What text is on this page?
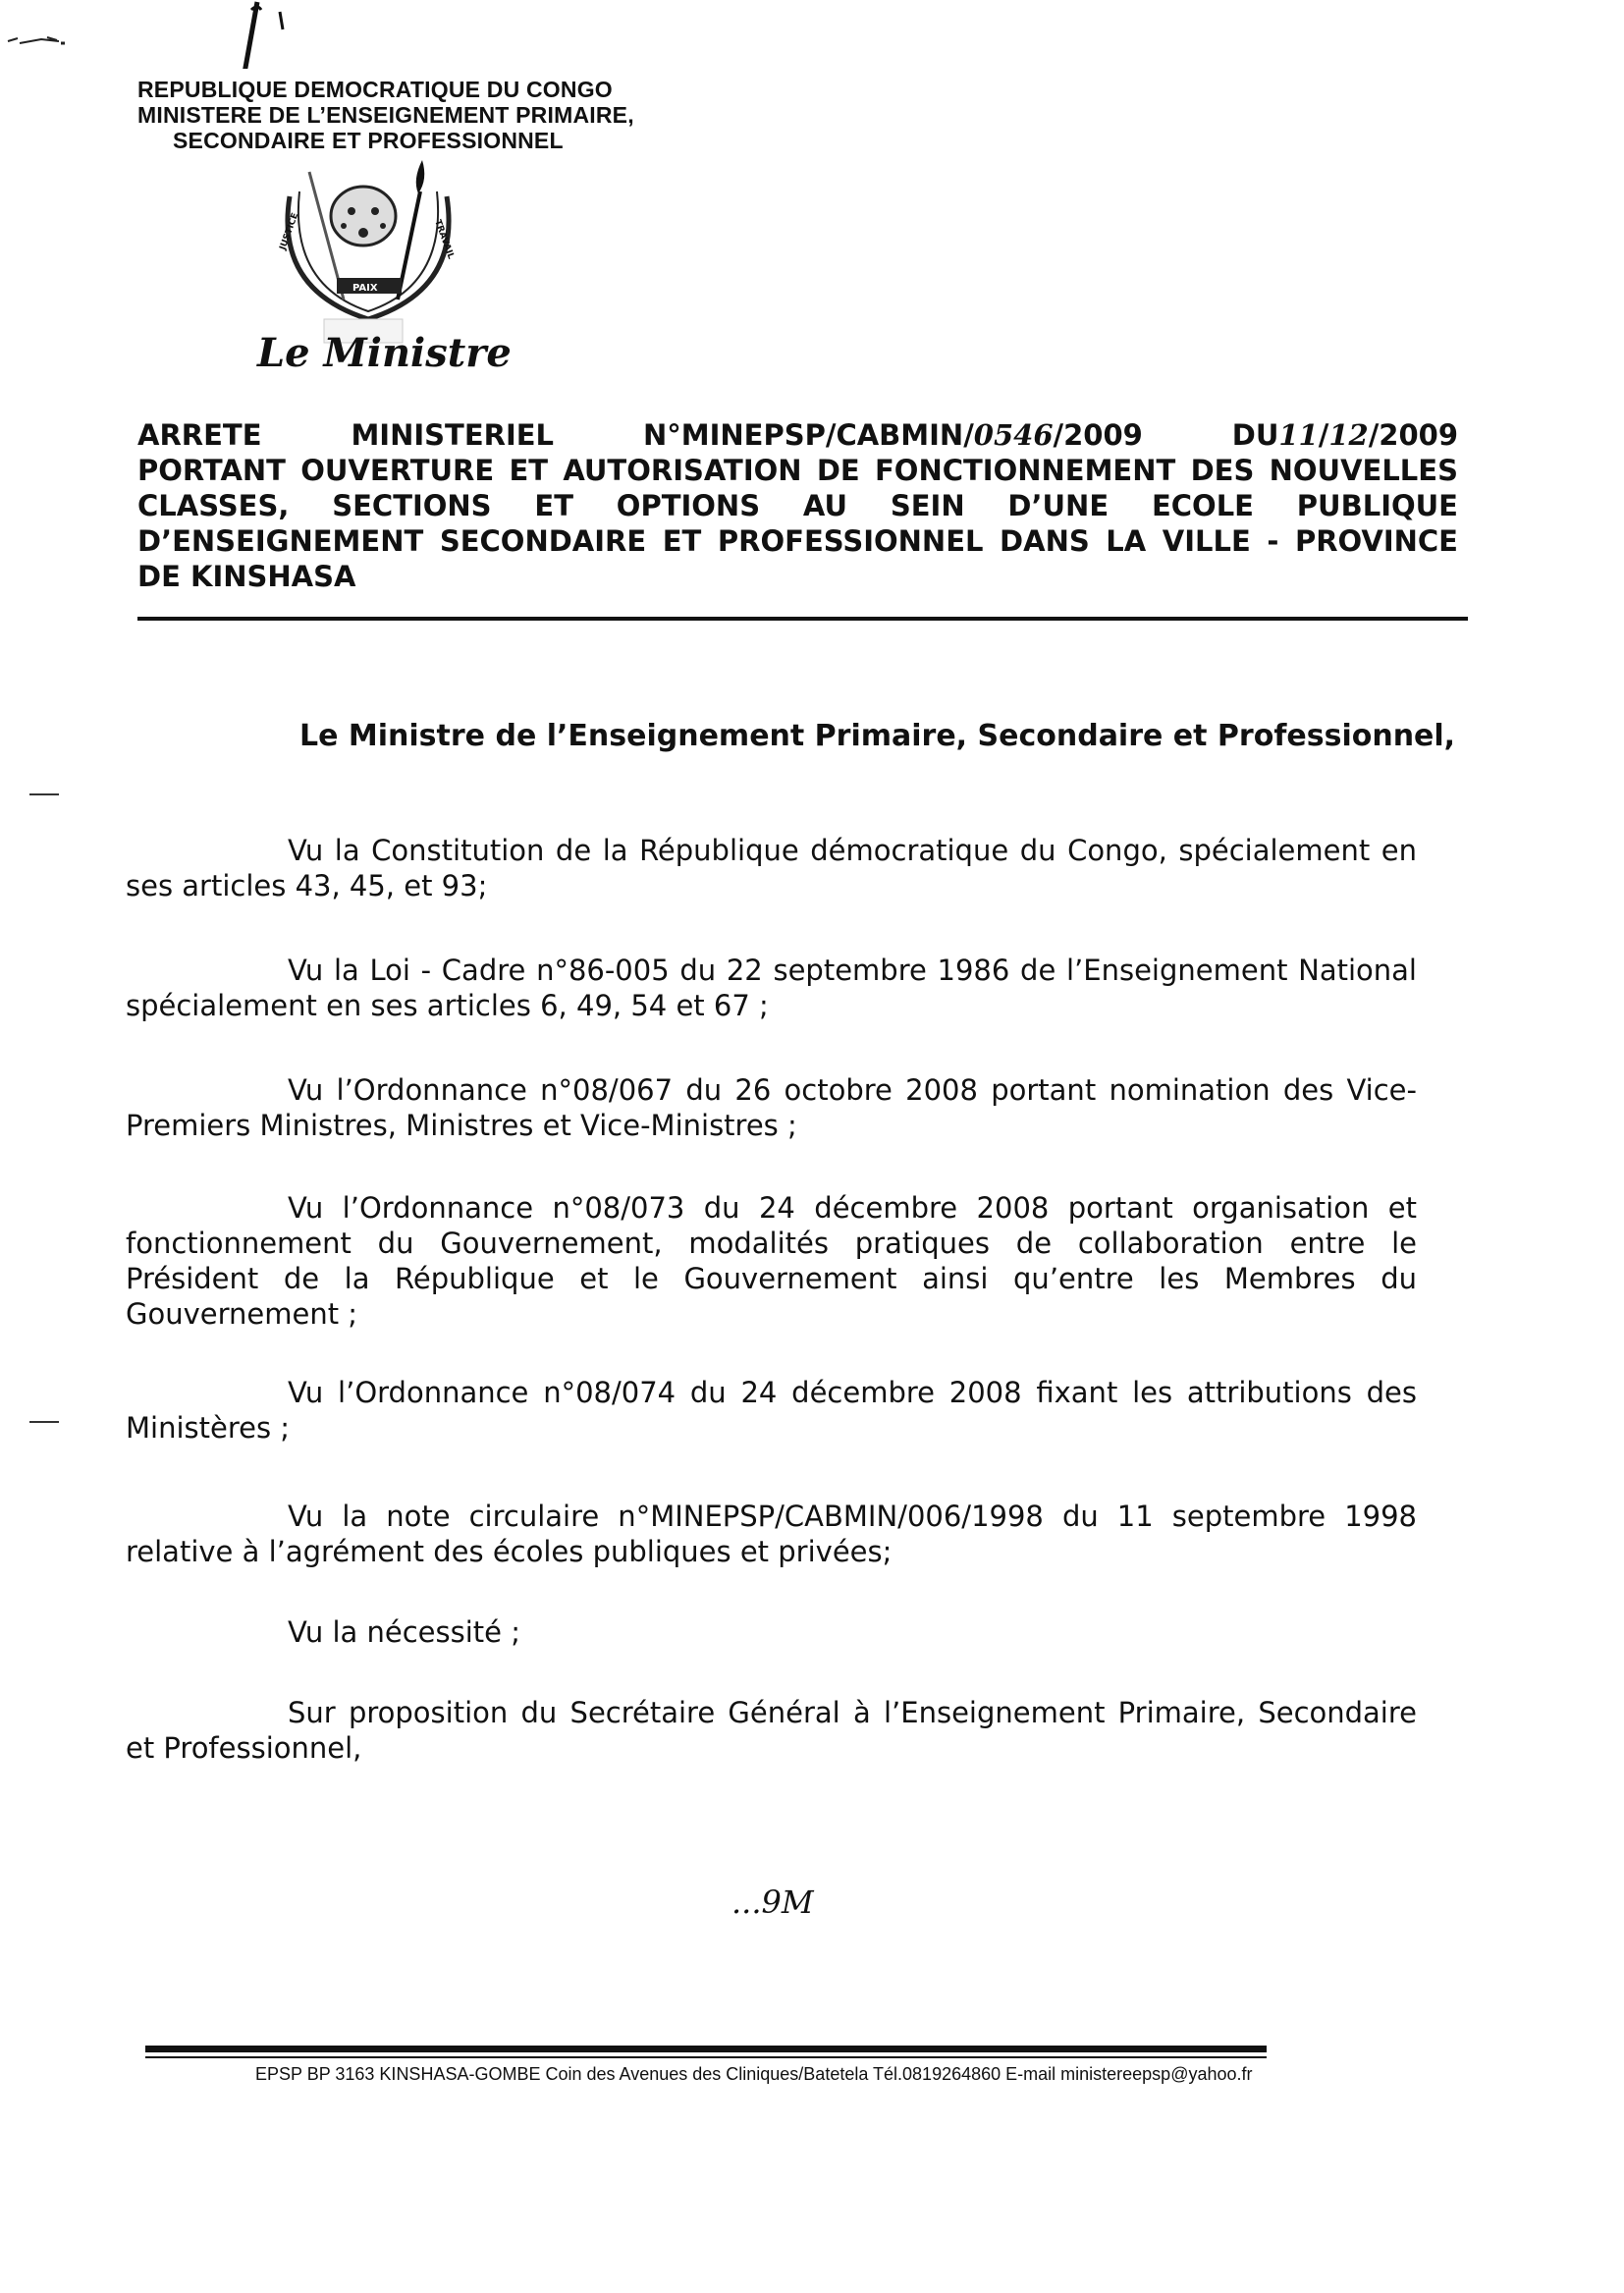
REPUBLIQUE DEMOCRATIQUE DU CONGO
MINISTERE DE L’ENSEIGNEMENT PRIMAIRE,
SECONDAIRE ET PROFESSIONNEL
JUSTICE
PAIX
TRAVAIL
Le Ministre
ARRETE	MINISTERIEL	N°MINEPSP/CABMIN/0546/2009	DU11/12/2009
PORTANT OUVERTURE ET AUTORISATION DE FONCTIONNEMENT DES NOUVELLES CLASSES, SECTIONS ET OPTIONS AU SEIN D’UNE ECOLE PUBLIQUE D’ENSEIGNEMENT SECONDAIRE ET PROFESSIONNEL DANS LA VILLE - PROVINCE DE KINSHASA
Le Ministre de l’Enseignement Primaire, Secondaire et Professionnel,

Vu la Constitution de la République démocratique du Congo, spécialement en ses articles 43, 45, et 93;

Vu la Loi - Cadre n°86-005 du 22 septembre 1986 de l’Enseignement National spécialement en ses articles 6, 49, 54 et 67 ;

Vu l’Ordonnance n°08/067 du 26 octobre 2008 portant nomination des Vice-Premiers Ministres, Ministres et Vice-Ministres ;

Vu l’Ordonnance n°08/073 du 24 décembre 2008 portant organisation et fonctionnement du Gouvernement, modalités pratiques de collaboration entre le Président de la République et le Gouvernement ainsi qu’entre les Membres du Gouvernement ;

Vu l’Ordonnance n°08/074 du 24 décembre 2008 fixant les attributions des Ministères ;

Vu la note circulaire n°MINEPSP/CABMIN/006/1998 du 11 septembre 1998 relative à l’agrément des écoles publiques et privées;

Vu la nécessité ;

Sur proposition du Secrétaire Général à l’Enseignement Primaire, Secondaire et Professionnel,

...9M
EPSP BP 3163 KINSHASA-GOMBE Coin des Avenues des Cliniques/Batetela Tél.0819264860 E-mail ministereepsp@yahoo.fr
